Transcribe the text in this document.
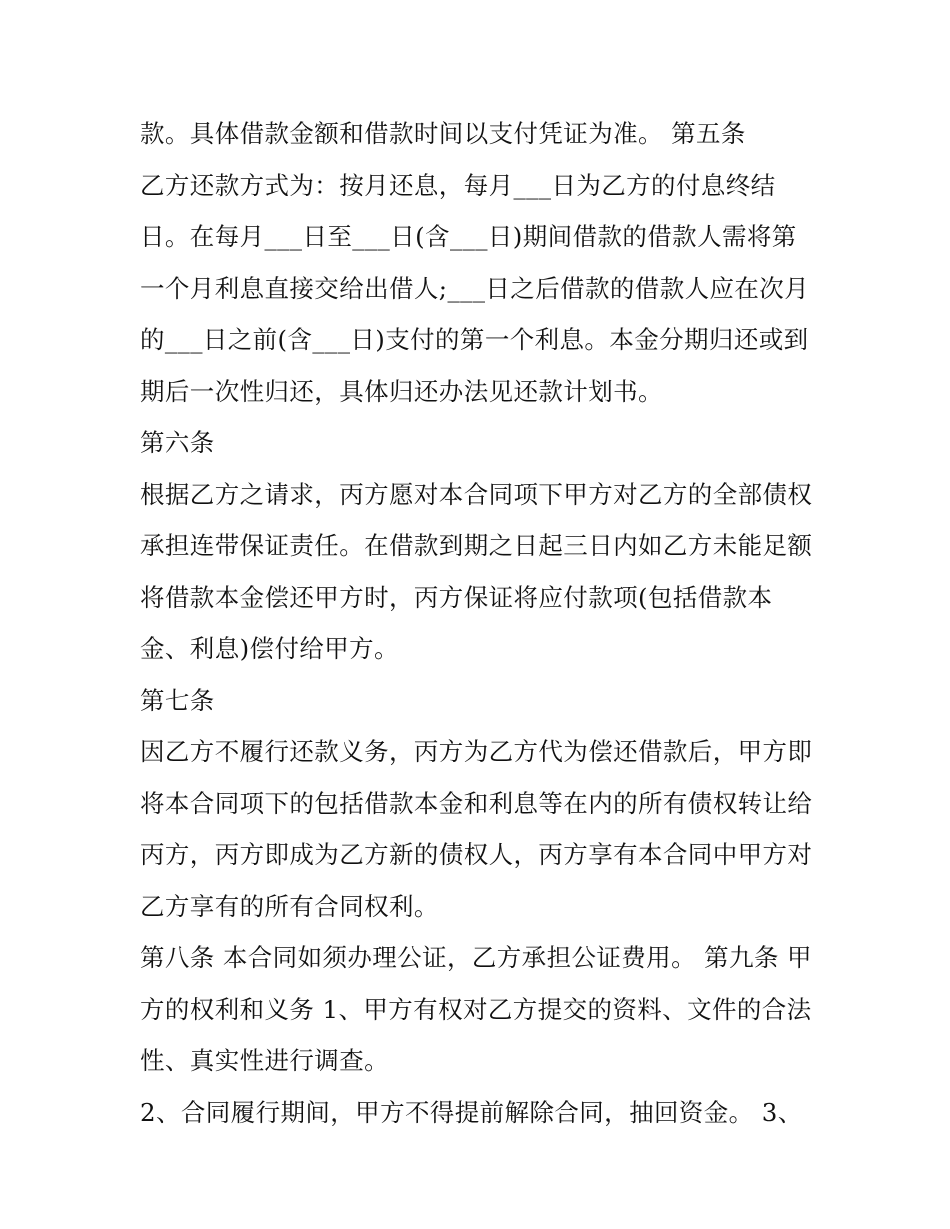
款。具体借款金额和借款时间以支付凭证为准。 第五条
乙方还款方式为：按月还息，每月___日为乙方的付息终结
日。在每月___日至___日(含___日)期间借款的借款人需将第
一个月利息直接交给出借人;___日之后借款的借款人应在次月
的___日之前(含___日)支付的第一个利息。本金分期归还或到
期后一次性归还，具体归还办法见还款计划书。
第六条
根据乙方之请求，丙方愿对本合同项下甲方对乙方的全部债权
承担连带保证责任。在借款到期之日起三日内如乙方未能足额
将借款本金偿还甲方时，丙方保证将应付款项(包括借款本
金、利息)偿付给甲方。
第七条
因乙方不履行还款义务，丙方为乙方代为偿还借款后，甲方即
将本合同项下的包括借款本金和利息等在内的所有债权转让给
丙方，丙方即成为乙方新的债权人，丙方享有本合同中甲方对
乙方享有的所有合同权利。
第八条 本合同如须办理公证，乙方承担公证费用。 第九条 甲
方的权利和义务 1、甲方有权对乙方提交的资料、文件的合法
性、真实性进行调查。
2、合同履行期间，甲方不得提前解除合同，抽回资金。 3、
